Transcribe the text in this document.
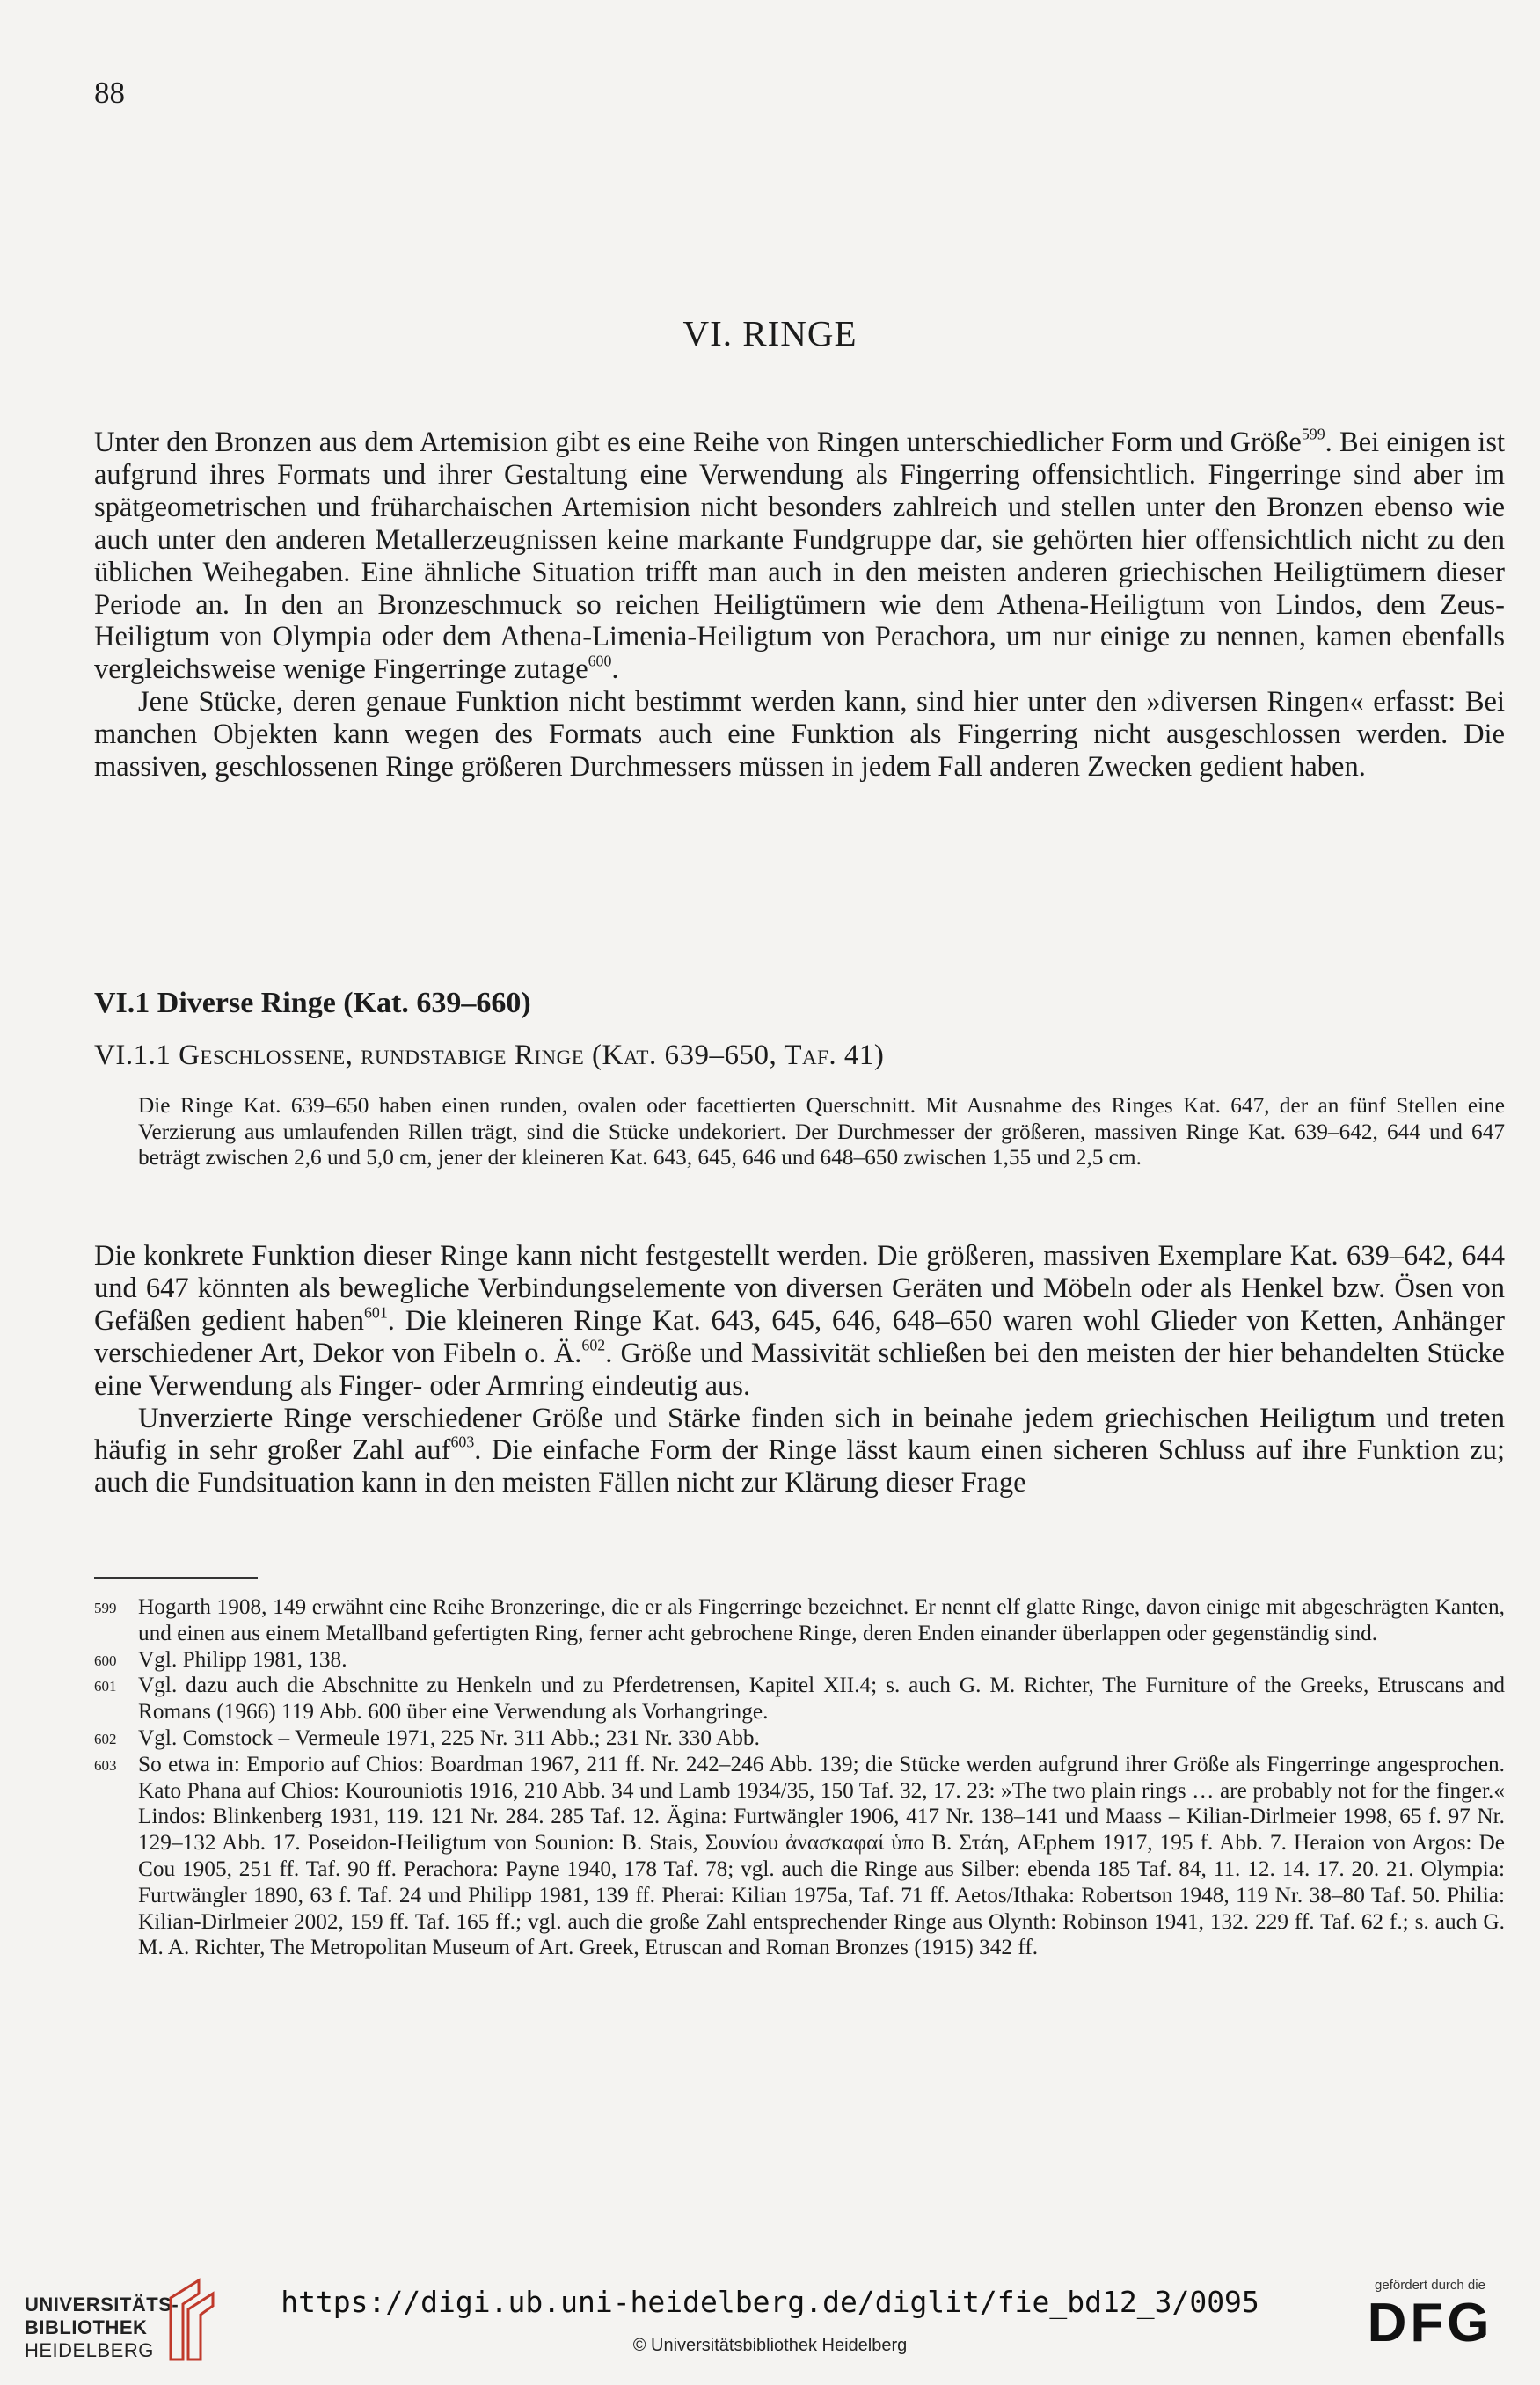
88
VI. RINGE

Unter den Bronzen aus dem Artemision gibt es eine Reihe von Ringen unterschiedlicher Form und Größe$^{599}$. Bei einigen ist aufgrund ihres Formats und ihrer Gestaltung eine Verwendung als Fingerring offensichtlich. Fingerringe sind aber im spätgeometrischen und früharchaischen Artemision nicht besonders zahlreich und stellen unter den Bronzen ebenso wie auch unter den anderen Metallerzeugnissen keine markante Fundgruppe dar, sie gehörten hier offensichtlich nicht zu den üblichen Weihegaben. Eine ähnliche Situation trifft man auch in den meisten anderen griechischen Heiligtümern dieser Periode an. In den an Bronzeschmuck so reichen Heiligtümern wie dem Athena-Heiligtum von Lindos, dem Zeus-Heiligtum von Olympia oder dem Athena-Limenia-Heiligtum von Perachora, um nur einige zu nennen, kamen ebenfalls vergleichsweise wenige Fingerringe zutage$^{600}$.

Jene Stücke, deren genaue Funktion nicht bestimmt werden kann, sind hier unter den »diversen Ringen« erfasst: Bei manchen Objekten kann wegen des Formats auch eine Funktion als Fingerring nicht ausgeschlossen werden. Die massiven, geschlossenen Ringe größeren Durchmessers müssen in jedem Fall anderen Zwecken gedient haben.

VI.1 Diverse Ringe (Kat. 639–660)
VI.1.1 Geschlossene, rundstabige Ringe (Kat. 639–650, Taf. 41)
Die Ringe Kat. 639–650 haben einen runden, ovalen oder facettierten Querschnitt. Mit Ausnahme des Ringes Kat. 647, der an fünf Stellen eine Verzierung aus umlaufenden Rillen trägt, sind die Stücke undekoriert. Der Durchmesser der größeren, massiven Ringe Kat. 639–642, 644 und 647 beträgt zwischen 2,6 und 5,0 cm, jener der kleineren Kat. 643, 645, 646 und 648–650 zwischen 1,55 und 2,5 cm.

Die konkrete Funktion dieser Ringe kann nicht festgestellt werden. Die größeren, massiven Exemplare Kat. 639–642, 644 und 647 könnten als bewegliche Verbindungselemente von diversen Geräten und Möbeln oder als Henkel bzw. Ösen von Gefäßen gedient haben$^{601}$. Die kleineren Ringe Kat. 643, 645, 646, 648–650 waren wohl Glieder von Ketten, Anhänger verschiedener Art, Dekor von Fibeln o. Ä.$^{602}$. Größe und Massivität schließen bei den meisten der hier behandelten Stücke eine Verwendung als Finger- oder Armring eindeutig aus.

Unverzierte Ringe verschiedener Größe und Stärke finden sich in beinahe jedem griechischen Heiligtum und treten häufig in sehr großer Zahl auf$^{603}$. Die einfache Form der Ringe lässt kaum einen sicheren Schluss auf ihre Funktion zu; auch die Fundsituation kann in den meisten Fällen nicht zur Klärung dieser Frage

599 Hogarth 1908, 149 erwähnt eine Reihe Bronzeringe, die er als Fingerringe bezeichnet. Er nennt elf glatte Ringe, davon einige mit abgeschrägten Kanten, und einen aus einem Metallband gefertigten Ring, ferner acht gebrochene Ringe, deren Enden einander überlappen oder gegenständig sind.

600 Vgl. Philipp 1981, 138.

601 Vgl. dazu auch die Abschnitte zu Henkeln und zu Pferdetrensen, Kapitel XII.4; s. auch G. M. Richter, The Furniture of the Greeks, Etruscans and Romans (1966) 119 Abb. 600 über eine Verwendung als Vorhangringe.

602 Vgl. Comstock – Vermeule 1971, 225 Nr. 311 Abb.; 231 Nr. 330 Abb.

603 So etwa in: Emporio auf Chios: Boardman 1967, 211 ff. Nr. 242–246 Abb. 139; die Stücke werden aufgrund ihrer Größe als Fingerringe angesprochen. Kato Phana auf Chios: Kourouniotis 1916, 210 Abb. 34 und Lamb 1934/35, 150 Taf. 32, 17. 23: »The two plain rings … are probably not for the finger.« Lindos: Blinkenberg 1931, 119. 121 Nr. 284. 285 Taf. 12. Ägina: Furtwängler 1906, 417 Nr. 138–141 und Maass – Kilian-Dirlmeier 1998, 65 f. 97 Nr. 129–132 Abb. 17. Poseidon-Heiligtum von Sounion: B. Stais, Σουνίου ἀνασκαφαί ὑπο Β. Στάη, AEphem 1917, 195 f. Abb. 7. Heraion von Argos: De Cou 1905, 251 ff. Taf. 90 ff. Perachora: Payne 1940, 178 Taf. 78; vgl. auch die Ringe aus Silber: ebenda 185 Taf. 84, 11. 12. 14. 17. 20. 21. Olympia: Furtwängler 1890, 63 f. Taf. 24 und Philipp 1981, 139 ff. Pherai: Kilian 1975a, Taf. 71 ff. Aetos/Ithaka: Robertson 1948, 119 Nr. 38–80 Taf. 50. Philia: Kilian-Dirlmeier 2002, 159 ff. Taf. 165 ff.; vgl. auch die große Zahl entsprechender Ringe aus Olynth: Robinson 1941, 132. 229 ff. Taf. 62 f.; s. auch G. M. A. Richter, The Metropolitan Museum of Art. Greek, Etruscan and Roman Bronzes (1915) 342 ff.

UNIVERSITÄTS-
BIBLIOTHEK
HEIDELBERG
https://digi.ub.uni-heidelberg.de/diglit/fie_bd12_3/0095
© Universitätsbibliothek Heidelberg
gefördert durch die
DFG
